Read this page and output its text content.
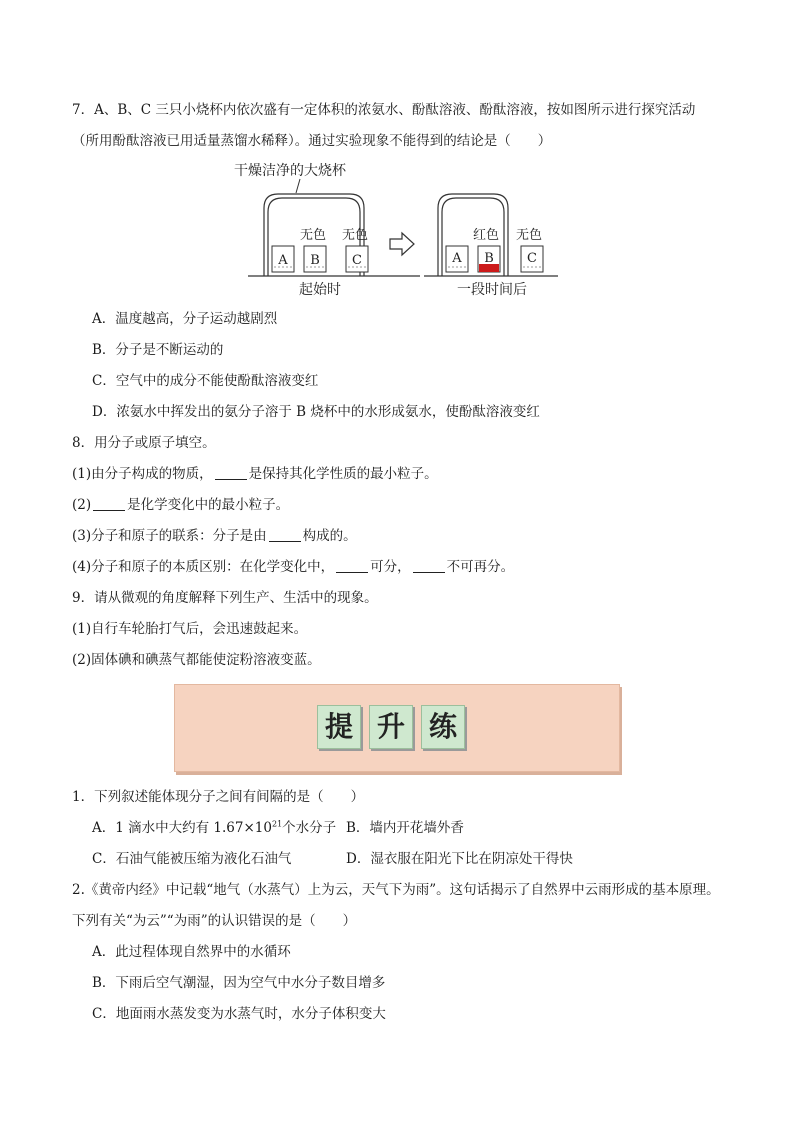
7．A、B、C 三只小烧杯内依次盛有一定体积的浓氨水、酚酞溶液、酚酞溶液，按如图所示进行探究活动
（所用酚酞溶液已用适量蒸馏水稀释）。通过实验现象不能得到的结论是（　　）
干燥洁净的大烧杯
无色 无色
A B C
起始时
红色 无色
A B	C
一段时间后
A．温度越高，分子运动越剧烈
B．分子是不断运动的
C．空气中的成分不能使酚酞溶液变红
D．浓氨水中挥发出的氨分子溶于 B 烧杯中的水形成氨水，使酚酞溶液变红
8．用分子或原子填空。
(1)由分子构成的物质，	是保持其化学性质的最小粒子。
(2)	是化学变化中的最小粒子。
(3)分子和原子的联系：分子是由	构成的。
(4)分子和原子的本质区别：在化学变化中，	可分，	不可再分。
9．请从微观的角度解释下列生产、生活中的现象。
(1)自行车轮胎打气后，会迅速鼓起来。
(2)固体碘和碘蒸气都能使淀粉溶液变蓝。
提 升 练
1．下列叙述能体现分子之间有间隔的是（　　）
A．1 滴水中大约有 $1.67\times 10^{21}$个水分子 B．墙内开花墙外香
C．石油气能被压缩为液化石油气	D．湿衣服在阳光下比在阴凉处干得快
2.《黄帝内经》中记载“地气（水蒸气）上为云，天气下为雨”。这句话揭示了自然界中云雨形成的基本原理。
下列有关“为云”“为雨”的认识错误的是（　　）
A．此过程体现自然界中的水循环
B．下雨后空气潮湿，因为空气中水分子数目增多
C．地面雨水蒸发变为水蒸气时，水分子体积变大
